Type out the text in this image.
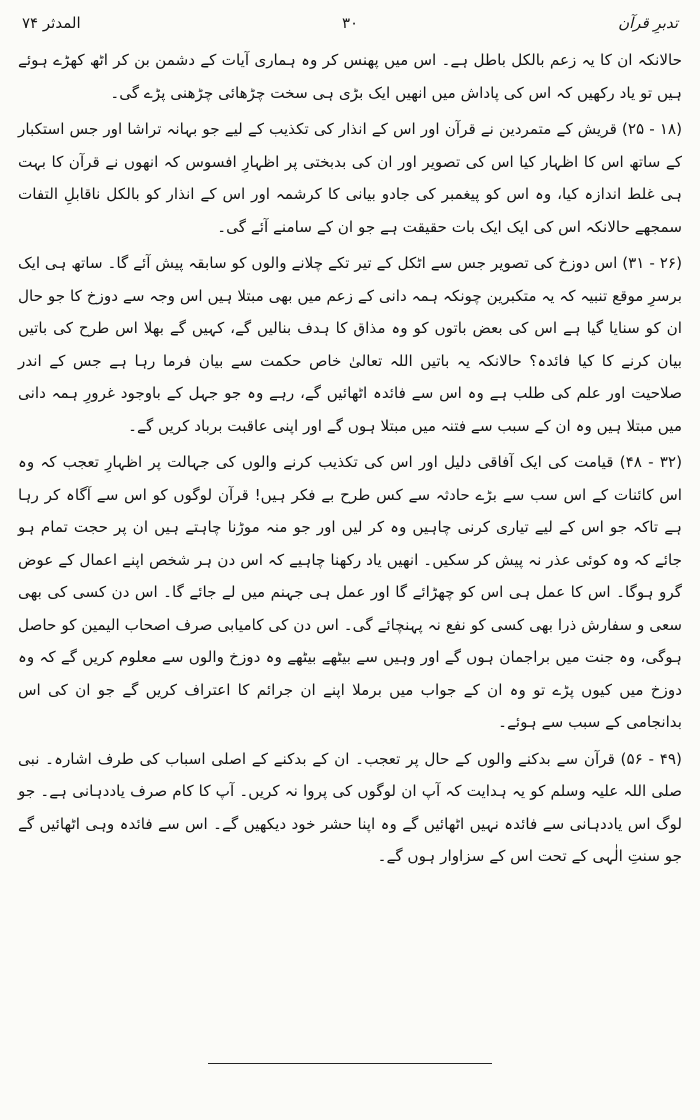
تدبرِ قرآن
۳۰
المدثر ۷۴

حالانکہ ان کا یہ زعم بالکل باطل ہے۔ اس میں پھنس کر وہ ہماری آیات کے دشمن بن کر اٹھ کھڑے ہوئے ہیں تو یاد رکھیں کہ اس کی پاداش میں انھیں ایک بڑی ہی سخت چڑھائی چڑھنی پڑے گی۔

(۱۸ - ۲۵) قریش کے متمردین نے قرآن اور اس کے انذار کی تکذیب کے لیے جو بہانہ تراشا اور جس استکبار کے ساتھ اس کا اظہار کیا اس کی تصویر اور ان کی بدبختی پر اظہارِ افسوس کہ انھوں نے قرآن کا بہت ہی غلط اندازہ کیا، وہ اس کو پیغمبر کی جادو بیانی کا کرشمہ اور اس کے انذار کو بالکل ناقابلِ التفات سمجھے حالانکہ اس کی ایک ایک بات حقیقت ہے جو ان کے سامنے آئے گی۔

(۲۶ - ۳۱) اس دوزخ کی تصویر جس سے اٹکل کے تیر تکے چلانے والوں کو سابقہ پیش آئے گا۔ ساتھ ہی ایک برسرِ موقع تنبیہ کہ یہ متکبرین چونکہ ہمہ دانی کے زعم میں بھی مبتلا ہیں اس وجہ سے دوزخ کا جو حال ان کو سنایا گیا ہے اس کی بعض باتوں کو وہ مذاق کا ہدف بنالیں گے، کہیں گے بھلا اس طرح کی باتیں بیان کرنے کا کیا فائدہ؟ حالانکہ یہ باتیں اللہ تعالیٰ خاص حکمت سے بیان فرما رہا ہے جس کے اندر صلاحیت اور علم کی طلب ہے وہ اس سے فائدہ اٹھائیں گے، رہے وہ جو جہل کے باوجود غرورِ ہمہ دانی میں مبتلا ہیں وہ ان کے سبب سے فتنہ میں مبتلا ہوں گے اور اپنی عاقبت برباد کریں گے۔

(۳۲ - ۴۸) قیامت کی ایک آفاقی دلیل اور اس کی تکذیب کرنے والوں کی جہالت پر اظہارِ تعجب کہ وہ اس کائنات کے اس سب سے بڑے حادثہ سے کس طرح بے فکر ہیں! قرآن لوگوں کو اس سے آگاہ کر رہا ہے تاکہ جو اس کے لیے تیاری کرنی چاہیں وہ کر لیں اور جو منہ موڑنا چاہتے ہیں ان پر حجت تمام ہو جائے کہ وہ کوئی عذر نہ پیش کر سکیں۔ انھیں یاد رکھنا چاہیے کہ اس دن ہر شخص اپنے اعمال کے عوض گرو ہوگا۔ اس کا عمل ہی اس کو چھڑائے گا اور عمل ہی جہنم میں لے جائے گا۔ اس دن کسی کی بھی سعی و سفارش ذرا بھی کسی کو نفع نہ پہنچائے گی۔ اس دن کی کامیابی صرف اصحاب الیمین کو حاصل ہوگی، وہ جنت میں براجمان ہوں گے اور وہیں سے بیٹھے بیٹھے وہ دوزخ والوں سے معلوم کریں گے کہ وہ دوزخ میں کیوں پڑے تو وہ ان کے جواب میں برملا اپنے ان جرائم کا اعتراف کریں گے جو ان کی اس بدانجامی کے سبب سے ہوئے۔

(۴۹ - ۵۶) قرآن سے بدکنے والوں کے حال پر تعجب۔ ان کے بدکنے کے اصلی اسباب کی طرف اشارہ۔ نبی صلی اللہ علیہ وسلم کو یہ ہدایت کہ آپ ان لوگوں کی پروا نہ کریں۔ آپ کا کام صرف یاددہانی ہے۔ جو لوگ اس یاددہانی سے فائدہ نہیں اٹھائیں گے وہ اپنا حشر خود دیکھیں گے۔ اس سے فائدہ وہی اٹھائیں گے جو سنتِ الٰہی کے تحت اس کے سزاوار ہوں گے۔
